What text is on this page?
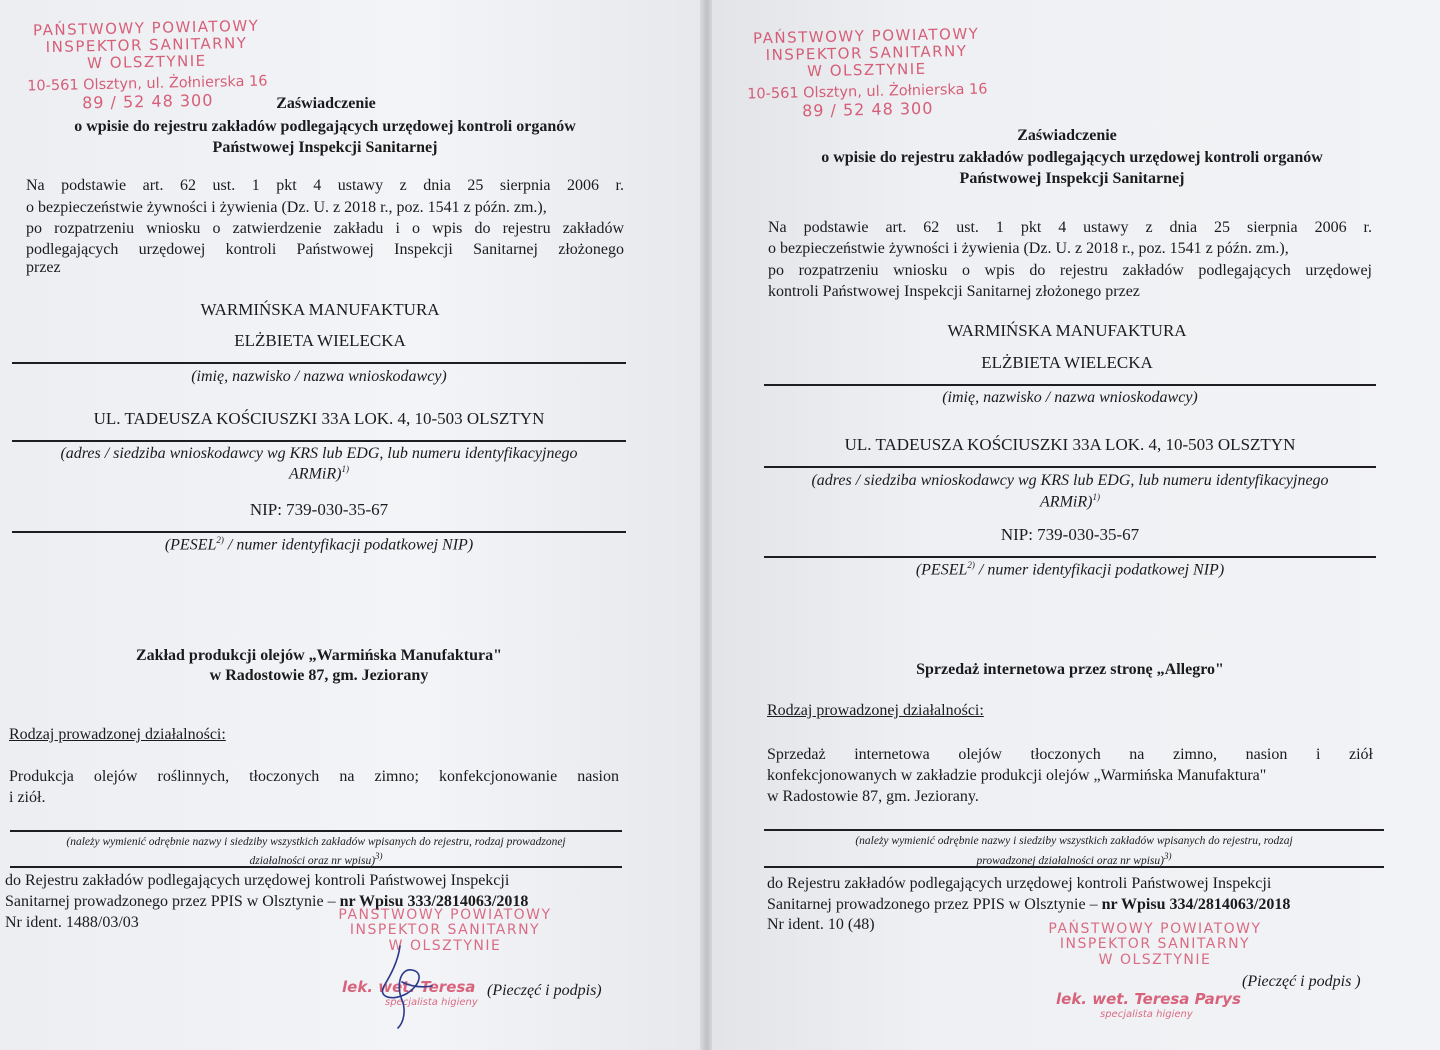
PAŃSTWOWY POWIATOWY
INSPEKTOR SANITARNY
W OLSZTYNIE
10-561 Olsztyn, ul. Żołnierska 16
89 / 52 48 300	Zaświadczenie
o wpisie do rejestru zakładów podlegających urzędowej kontroli organów
Państwowej Inspekcji Sanitarnej
Na podstawie art. 62 ust. 1 pkt 4 ustawy z dnia 25 sierpnia 2006 r.
o bezpieczeństwie żywności i żywienia (Dz. U. z 2018 r., poz. 1541 z późn. zm.),
po rozpatrzeniu wniosku o zatwierdzenie zakładu i o wpis do rejestru zakładów
podlegających urzędowej kontroli Państwowej Inspekcji Sanitarnej złożonego
przez
WARMIŃSKA MANUFAKTURA
ELŻBIETA WIELECKA
(imię, nazwisko / nazwa wnioskodawcy)
UL. TADEUSZA KOŚCIUSZKI 33A LOK. 4, 10-503 OLSZTYN
(adres / siedziba wnioskodawcy wg KRS lub EDG, lub numeru identyfikacyjnego
ARMiR)$^{1)}$
NIP: 739-030-35-67
(PESEL$^{2)}$ / numer identyfikacji podatkowej NIP)
Zakład produkcji olejów „Warmińska Manufaktura"
w Radostowie 87, gm. Jeziorany
Rodzaj prowadzonej działalności:
Produkcja olejów roślinnych, tłoczonych na zimno; konfekcjonowanie nasion
i ziół.
(należy wymienić odrębnie nazwy i siedziby wszystkich zakładów wpisanych do rejestru, rodzaj prowadzonej
działalności oraz nr wpisu)$^{3)}$
do Rejestru zakładów podlegających urzędowej kontroli Państwowej Inspekcji
Sanitarnej prowadzonego przez PPIS w Olsztynie – nr Wpisu 333/2814063/2018
Nr ident. 1488/03/03	PAŃSTWOWY POWIATOWY
INSPEKTOR SANITARNY
W OLSZTYNIE
lek. wet. Teresa
specjalista higieny
(Pieczęć i podpis)
PAŃSTWOWY POWIATOWY
INSPEKTOR SANITARNY
W OLSZTYNIE
10-561 Olsztyn, ul. Żołnierska 16
89 / 52 48 300
Zaświadczenie
o wpisie do rejestru zakładów podlegających urzędowej kontroli organów
Państwowej Inspekcji Sanitarnej
Na podstawie art. 62 ust. 1 pkt 4 ustawy z dnia 25 sierpnia 2006 r.
o bezpieczeństwie żywności i żywienia (Dz. U. z 2018 r., poz. 1541 z późn. zm.),
po rozpatrzeniu wniosku o wpis do rejestru zakładów podlegających urzędowej
kontroli Państwowej Inspekcji Sanitarnej złożonego przez
WARMIŃSKA MANUFAKTURA
ELŻBIETA WIELECKA
(imię, nazwisko / nazwa wnioskodawcy)
UL. TADEUSZA KOŚCIUSZKI 33A LOK. 4, 10-503 OLSZTYN
(adres / siedziba wnioskodawcy wg KRS lub EDG, lub numeru identyfikacyjnego
ARMiR)$^{1)}$
NIP: 739-030-35-67
(PESEL$^{2)}$ / numer identyfikacji podatkowej NIP)
Sprzedaż internetowa przez stronę „Allegro"
Rodzaj prowadzonej działalności:
Sprzedaż internetowa olejów tłoczonych na zimno, nasion i ziół
konfekcjonowanych w zakładzie produkcji olejów „Warmińska Manufaktura"
w Radostowie 87, gm. Jeziorany.
(należy wymienić odrębnie nazwy i siedziby wszystkich zakładów wpisanych do rejestru, rodzaj
prowadzonej działalności oraz nr wpisu)$^{3)}$
do Rejestru zakładów podlegających urzędowej kontroli Państwowej Inspekcji
Sanitarnej prowadzonego przez PPIS w Olsztynie – nr Wpisu 334/2814063/2018
Nr ident. 10 (48)	PAŃSTWOWY POWIATOWY
INSPEKTOR SANITARNY
W OLSZTYNIE
(Pieczęć i podpis )
lek. wet. Teresa Parys
specjalista higieny
